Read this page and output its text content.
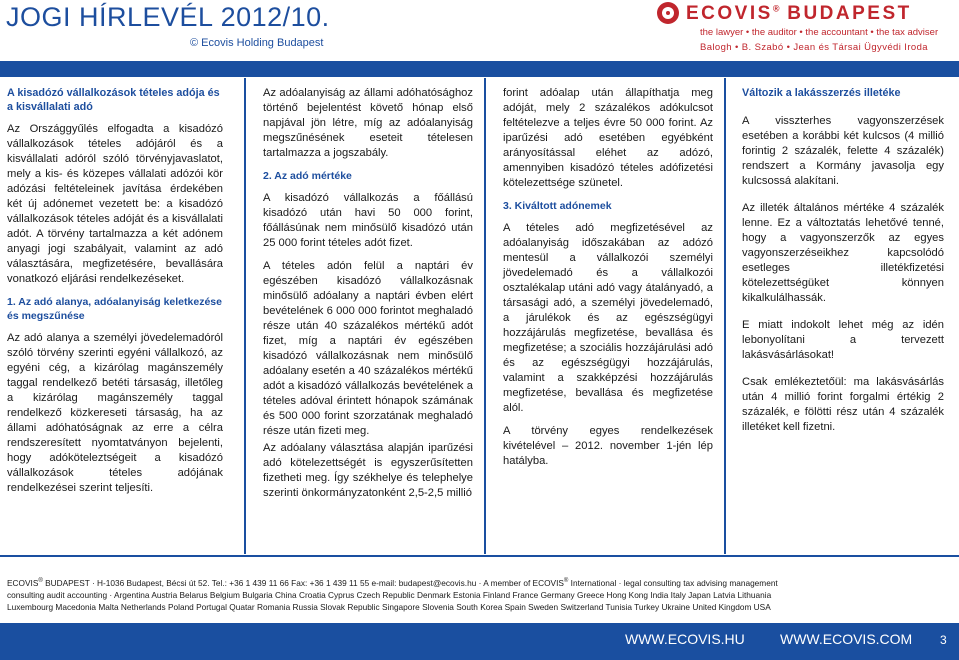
JOGI HÍRLEVÉL 2012/10.
© Ecovis Holding Budapest
ECOVIS® BUDAPEST
the lawyer • the auditor • the accountant • the tax adviser
Balogh • B. Szabó • Jean és Társai Ügyvédi Iroda

A kisadózó vállalkozások tételes adója és a kisvállalati adó

Az Országgyűlés elfogadta a kisadózó vállalkozások tételes adójáról és a kisvállalati adóról szóló törvényjavaslatot, mely a kis- és közepes vállalati adózói kör adózási feltételeinek javítása érdekében két új adónemet vezetett be: a kisadózó vállalkozások tételes adóját és a kisvállalati adót. A törvény tartalmazza a két adónem anyagi jogi szabályait, valamint az adó választására, megfizetésére, bevallására vonatkozó eljárási rendelkezéseket.

1. Az adó alanya, adóalanyiság keletkezése és megszűnése

Az adó alanya a személyi jövedelemadóról szóló törvény szerinti egyéni vállalkozó, az egyéni cég, a kizárólag magánszemély taggal rendelkező betéti társaság, illetőleg a kizárólag magánszemély taggal rendelkező közkereseti társaság, ha az állami adóhatóságnak az erre a célra rendszeresített nyomtatványon bejelenti, hogy adóköteleztségeit a kisadózó vállalkozások tételes adójának rendelkezései szerint teljesíti.

Az adóalanyiság az állami adóhatósághoz történő bejelentést követő hónap első napjával jön létre, míg az adóalanyiság megszűnésének eseteit tételesen tartalmazza a jogszabály.

2. Az adó mértéke

A kisadózó vállalkozás a főállású kisadózó után havi 50 000 forint, főállásúnak nem minősülő kisadózó után 25 000 forint tételes adót fizet.

A tételes adón felül a naptári év egészében kisadózó vállalkozásnak minősülő adóalany a naptári évben elért bevételének 6 000 000 forintot meghaladó része után 40 százalékos mértékű adót fizet, míg a naptári év egészében kisadózó vállalkozásnak nem minősülő adóalany esetén a 40 százalékos mértékű adót a kisadózó vállalkozás bevételének a tételes adóval érintett hónapok számának és 500 000 forint szorzatának meghaladó része után fizeti meg.

Az adóalany választása alapján iparűzési adó kötelezettségét is egyszerűsítetten fizetheti meg. Így székhelye és telephelye szerinti önkormányzatonként 2,5-2,5 millió

forint adóalap után állapíthatja meg adóját, mely 2 százalékos adókulcsot feltételezve a teljes évre 50 000 forint. Az iparűzési adó esetében egyébként arányosítással eléhet az adózó, amennyiben kisadózó tételes adófizetési kötelezettsége szünetel.

3. Kiváltott adónemek

A tételes adó megfizetésével az adóalanyiság időszakában az adózó mentesül a vállalkozói személyi jövedelemadó és a vállalkozói osztalékalap utáni adó vagy átalányadó, a társasági adó, a személyi jövedelemadó, a járulékok és az egészségügyi hozzájárulás megfizetése, bevallása és megfizetése; a szociális hozzájárulási adó és az egészségügyi hozzájárulás, valamint a szakképzési hozzájárulás megfizetése, bevallása és megfizetése alól.

A törvény egyes rendelkezések kivételével – 2012. november 1-jén lép hatályba.

Változik a lakásszerzés illetéke

A visszterhes vagyonszerzések esetében a korábbi két kulcsos (4 millió forintig 2 százalék, felette 4 százalék) rendszert a Kormány javasolja egy kulcsossá alakítani.

Az illeték általános mértéke 4 százalék lenne. Ez a változtatás lehetővé tenné, hogy a vagyonszerzők az egyes vagyonszerzéseikhez kapcsolódó esetleges illetékfizetési kötelezettségüket könnyen kikalkulálhassák.

E miatt indokolt lehet még az idén lebonyolítani a tervezett lakásvásárlásokat!

Csak emlékeztetőül: ma lakásvásárlás után 4 millió forint forgalmi értékig 2 százalék, e fölötti rész után 4 százalék illetéket kell fizetni.

ECOVIS® BUDAPEST · H-1036 Budapest, Bécsi út 52. Tel.: +36 1 439 11 66 Fax: +36 1 439 11 55 e-mail: budapest@ecovis.hu · A member of ECOVIS® International · legal consulting tax advising management
consulting audit accounting · Argentina Austria Belarus Belgium Bulgaria China Croatia Cyprus Czech Republic Denmark Estonia Finland France Germany Greece Hong Kong India Italy Japan Latvia Lithuania
Luxembourg Macedonia Malta Netherlands Poland Portugal Quatar Romania Russia Slovak Republic Singapore Slovenia South Korea Spain Sweden Switzerland Tunisia Turkey Ukraine United Kingdom USA
WWW.ECOVIS.HU	WWW.ECOVIS.COM 3
